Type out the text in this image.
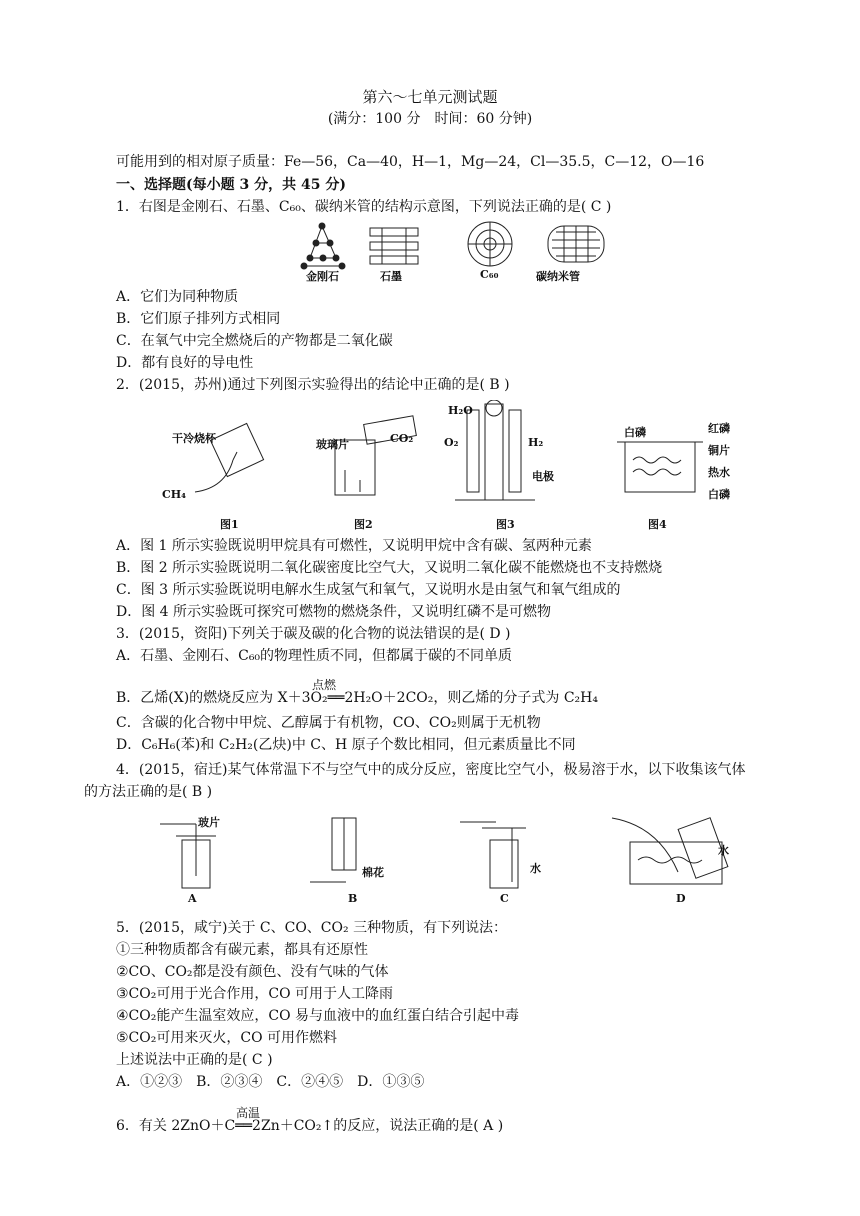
第六～七单元测试题
(满分：100 分　时间：60 分钟)
可能用到的相对原子质量：Fe—56，Ca—40，H—1，Mg—24，Cl—35.5，C—12，O—16
一、选择题(每小题 3 分，共 45 分)
1．右图是金刚石、石墨、C₆₀、碳纳米管的结构示意图，下列说法正确的是( C )
金刚石	石墨	C₆₀	碳纳米管
A．它们为同种物质
B．它们原子排列方式相同
C．在氧气中完全燃烧后的产物都是二氧化碳
D．都有良好的导电性
2．(2015，苏州)通过下列图示实验得出的结论中正确的是( B )
干冷烧杯
CH₄
玻璃片	CO₂
H₂O
O₂	H₂
电极
白磷	红磷
铜片
热水
白磷
图1	图2	图3	图4
A．图 1 所示实验既说明甲烷具有可燃性，又说明甲烷中含有碳、氢两种元素
B．图 2 所示实验既说明二氧化碳密度比空气大，又说明二氧化碳不能燃烧也不支持燃烧
C．图 3 所示实验既说明电解水生成氢气和氧气，又说明水是由氢气和氧气组成的
D．图 4 所示实验既可探究可燃物的燃烧条件，又说明红磷不是可燃物
3．(2015，资阳)下列关于碳及碳的化合物的说法错误的是( D )
A．石墨、金刚石、C₆₀的物理性质不同，但都属于碳的不同单质
点燃
B．乙烯(X)的燃烧反应为 X＋3O₂══2H₂O＋2CO₂，则乙烯的分子式为 C₂H₄
C．含碳的化合物中甲烷、乙醇属于有机物，CO、CO₂则属于无机物
D．C₆H₆(苯)和 C₂H₂(乙炔)中 C、H 原子个数比相同，但元素质量比不同
4．(2015，宿迁)某气体常温下不与空气中的成分反应，密度比空气小，极易溶于水，以下收集该气体
的方法正确的是( B )
玻片
棉花	水
水
A	B	C	D
5．(2015，咸宁)关于 C、CO、CO₂ 三种物质，有下列说法：
①三种物质都含有碳元素，都具有还原性
②CO、CO₂都是没有颜色、没有气味的气体
③CO₂可用于光合作用，CO 可用于人工降雨
④CO₂能产生温室效应，CO 易与血液中的血红蛋白结合引起中毒
⑤CO₂可用来灭火，CO 可用作燃料
上述说法中正确的是( C )
A．①②③　B．②③④　C．②④⑤　D．①③⑤
高温
6．有关 2ZnO＋C══2Zn＋CO₂↑的反应，说法正确的是( A )
